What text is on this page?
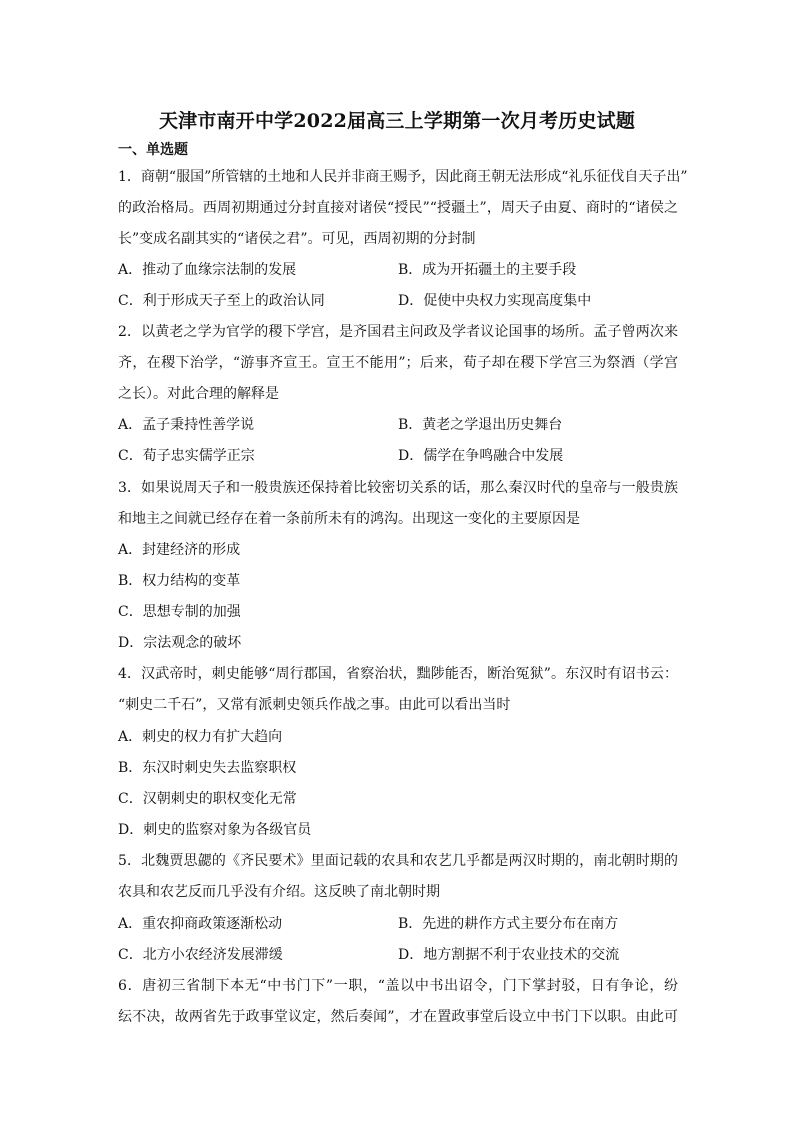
天津市南开中学2022届高三上学期第一次月考历史试题
一、单选题
1．商朝“服国”所管辖的土地和人民并非商王赐予，因此商王朝无法形成“礼乐征伐自天子出”
的政治格局。西周初期通过分封直接对诸侯“授民”“授疆土”，周天子由夏、商时的“诸侯之
长”变成名副其实的“诸侯之君”。可见，西周初期的分封制
A．推动了血缘宗法制的发展	B．成为开拓疆土的主要手段
C．利于形成天子至上的政治认同	D．促使中央权力实现高度集中
2．以黄老之学为官学的稷下学宫，是齐国君主问政及学者议论国事的场所。孟子曾两次来
齐，在稷下治学，“游事齐宣王。宣王不能用”；后来，荀子却在稷下学宫三为祭酒（学宫
之长）。对此合理的解释是
A．孟子秉持性善学说	B．黄老之学退出历史舞台
C．荀子忠实儒学正宗	D．儒学在争鸣融合中发展
3．如果说周天子和一般贵族还保持着比较密切关系的话，那么秦汉时代的皇帝与一般贵族
和地主之间就已经存在着一条前所未有的鸿沟。出现这一变化的主要原因是
A．封建经济的形成
B．权力结构的变革
C．思想专制的加强
D．宗法观念的破坏
4．汉武帝时，刺史能够“周行郡国，省察治状，黜陟能否，断治冤狱”。东汉时有诏书云：
“刺史二千石”，又常有派刺史领兵作战之事。由此可以看出当时
A．刺史的权力有扩大趋向
B．东汉时刺史失去监察职权
C．汉朝刺史的职权变化无常
D．刺史的监察对象为各级官员
5．北魏贾思勰的《齐民要术》里面记载的农具和农艺几乎都是两汉时期的，南北朝时期的
农具和农艺反而几乎没有介绍。这反映了南北朝时期
A．重农抑商政策逐渐松动	B．先进的耕作方式主要分布在南方
C．北方小农经济发展滞缓	D．地方割据不利于农业技术的交流
6．唐初三省制下本无“中书门下”一职，“盖以中书出诏令，门下掌封驳，日有争论，纷
纭不决，故两省先于政事堂议定，然后奏闻”，才在置政事堂后设立中书门下以职。由此可
